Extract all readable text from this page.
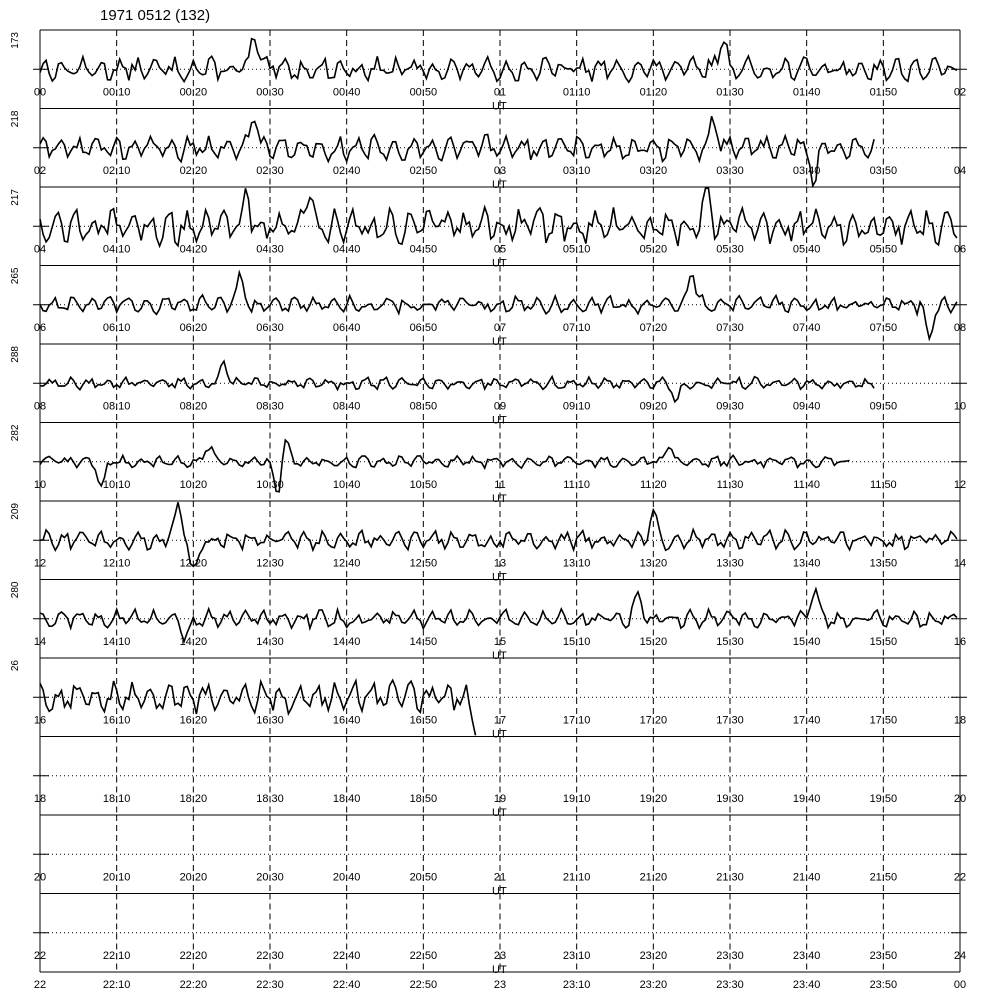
1971 0512 (132)
173
00	00:10	00:20	00:30	00:40	00:50	01	01:10	01:20	01:30	01:40	01:50	02
UT
218
02	02:10	02:20	02:30	02:40	02:50	03	03:10	03:20	03:30	03:40	03:50	04
UT
217
04	04:10	04:20	04:30	04:40	04:50	05	05:10	05:20	05:30	05:40	05:50	06
UT
265
06	06:10	06:20	06:30	06:40	06:50	07	07:10	07:20	07:30	07:40	07:50	08
UT
288
08	08:10	08:20	08:30	08:40	08:50	09	09:10	09:20	09:30	09:40	09:50	10
UT
282
10	10:10	10:20	10:30	10:40	10:50	11	11:10	11:20	11:30	11:40	11:50	12
UT
209
12	12:10	12:20	12:30	12:40	12:50	13	13:10	13:20	13:30	13:40	13:50	14
UT
280
14	14:10	14:20	14:30	14:40	14:50	15	15:10	15:20	15:30	15:40	15:50	16
UT
26
16	16:10	16:20	16:30	16:40	16:50	17	17:10	17:20	17:30	17:40	17:50	18
UT
18	18:10	18:20	18:30	18:40	18:50	19	19:10	19:20	19:30	19:40	19:50	20
UT
20	20:10	20:20	20:30	20:40	20:50	21	21:10	21:20	21:30	21:40	21:50	22
UT
22	22:10	22:20	22:30	22:40	22:50	23	23:10	23:20	23:30	23:40	23:50	24
UT
22	22:10	22:20	22:30	22:40	22:50	23	23:10	23:20	23:30	23:40	23:50	00
